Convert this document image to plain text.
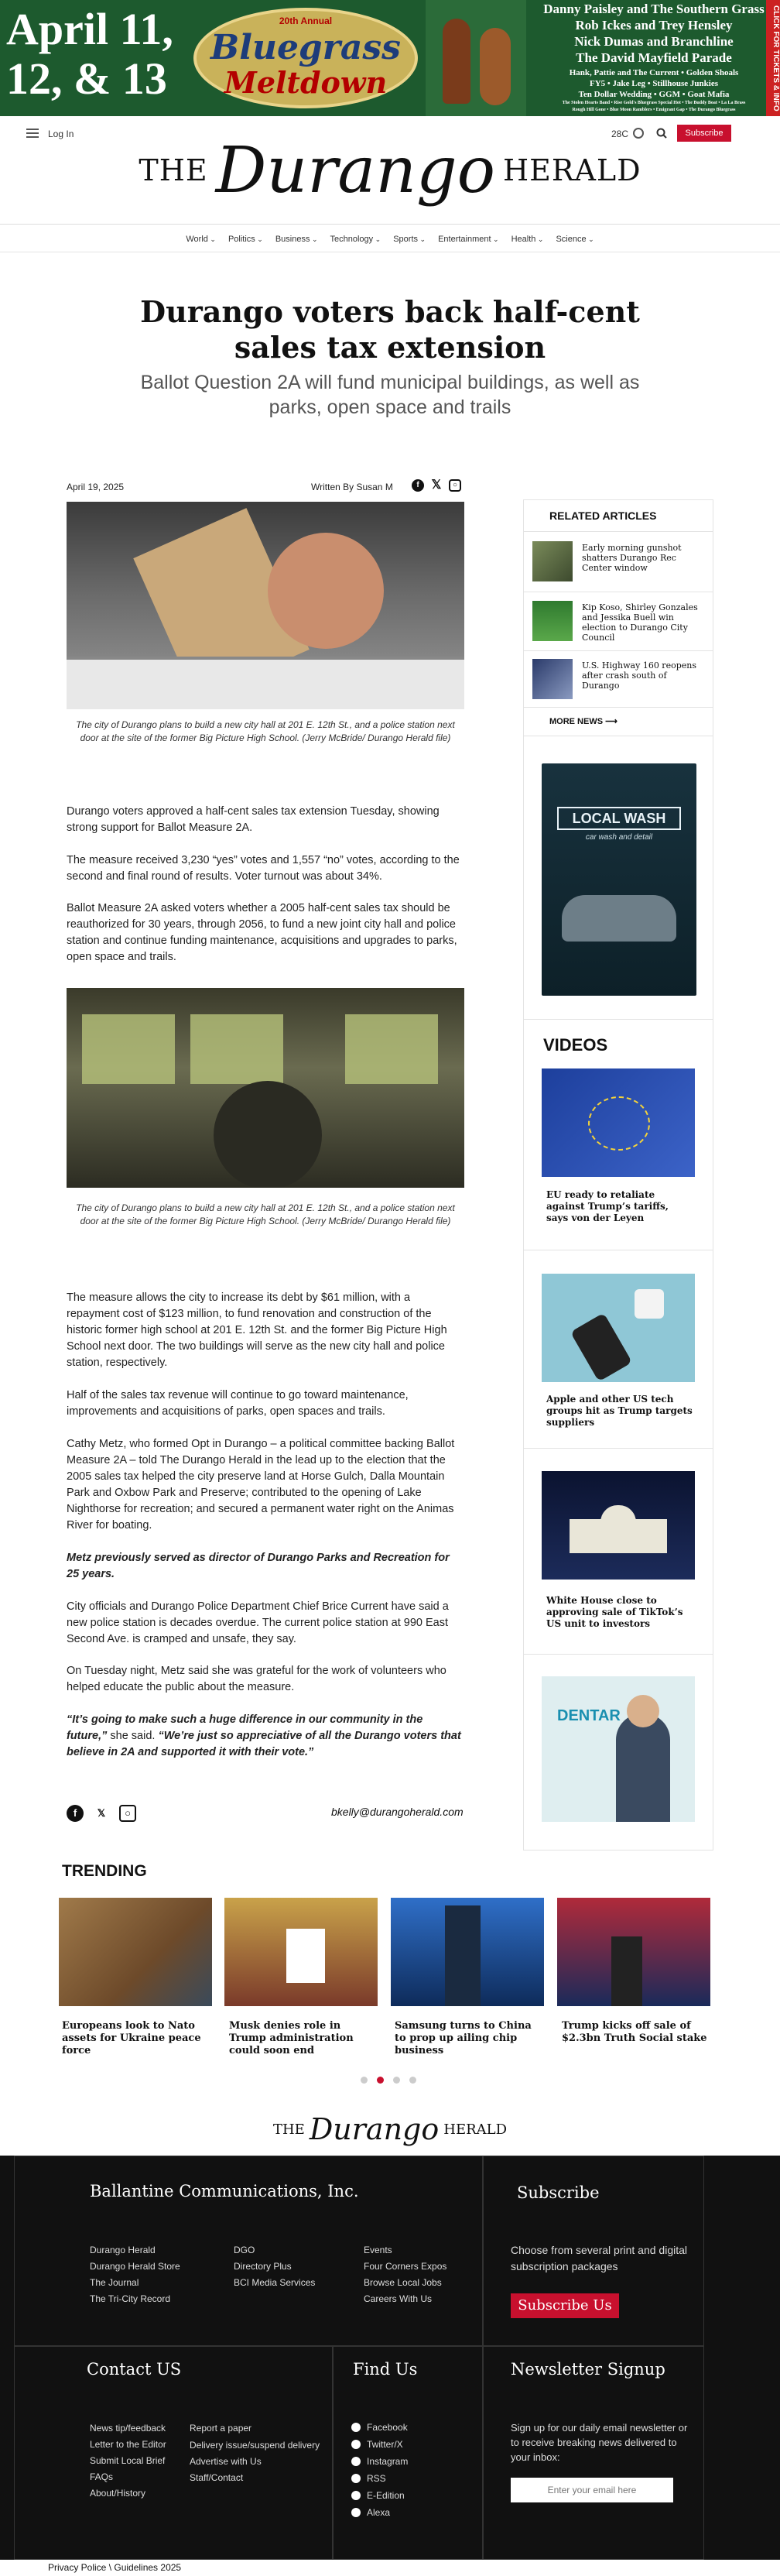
April 11,
12, & 13
20th Annual
Bluegrass
Meltdown
Danny Paisley and The Southern Grass
Rob Ickes and Trey Hensley
Nick Dumas and Branchline
The David Mayfield Parade
Hank, Pattie and The Current • Golden Shoals
FY5 • Jake Leg • Stillhouse Junkies
Ten Dollar Wedding • GGM • Goat Mafia
The Stolen Hearts Band • Rise Gold's Bluegrass Special Hot • The Buddy Boat • La La Brass
Rough Hill Gone • Blue Moon Ramblers • Emigrant Gap • The Durango Bluegrass	CLICK FOR TICKETS & INFO
Log In	28C	Subscribe
THE Durango HERALD
World ⌄	Politics ⌄	Business ⌄	Technology ⌄	Sports ⌄	Entertainment ⌄	Health ⌄	Science ⌄
Durango voters back half-cent sales tax extension
Ballot Question 2A will fund municipal buildings, as well as parks, open space and trails
April 19, 2025	Written By Susan M	f 𝕏	○
The city of Durango plans to build a new city hall at 201 E. 12th St., and a police station next door at the site of the former Big Picture High School. (Jerry McBride/ Durango Herald file)
Durango voters approved a half-cent sales tax extension Tuesday, showing strong support for Ballot Measure 2A.
The measure received 3,230 “yes” votes and 1,557 “no” votes, according to the second and final round of results. Voter turnout was about 34%.
Ballot Measure 2A asked voters whether a 2005 half-cent sales tax should be reauthorized for 30 years, through 2056, to fund a new joint city hall and police station and continue funding maintenance, acquisitions and upgrades to parks, open space and trails.
The city of Durango plans to build a new city hall at 201 E. 12th St., and a police station next door at the site of the former Big Picture High School. (Jerry McBride/ Durango Herald file)
The measure allows the city to increase its debt by $61 million, with a repayment cost of $123 million, to fund renovation and construction of the historic former high school at 201 E. 12th St. and the former Big Picture High School next door. The two buildings will serve as the new city hall and police station, respectively.
Half of the sales tax revenue will continue to go toward maintenance, improvements and acquisitions of parks, open spaces and trails.
Cathy Metz, who formed Opt in Durango – a political committee backing Ballot Measure 2A – told The Durango Herald in the lead up to the election that the 2005 sales tax helped the city preserve land at Horse Gulch, Dalla Mountain Park and Oxbow Park and Preserve; contributed to the opening of Lake Nighthorse for recreation; and secured a permanent water right on the Animas River for boating.
Metz previously served as director of Durango Parks and Recreation for 25 years.
City officials and Durango Police Department Chief Brice Current have said a new police station is decades overdue. The current police station at 990 East Second Ave. is cramped and unsafe, they say.
On Tuesday night, Metz said she was grateful for the work of volunteers who helped educate the public about the measure.
“It’s going to make such a huge difference in our community in the future,” she said. “We’re just so appreciative of all the Durango voters that believe in 2A and supported it with their vote.”
f	𝕏	○	bkelly@durangoherald.com
RELATED ARTICLES
Early morning gunshot shatters Durango Rec Center window
Kip Koso, Shirley Gonzales and Jessika Buell win election to Durango City Council
U.S. Highway 160 reopens after crash south of Durango
MORE NEWS ⟶
LOCAL WASH
car wash and detail
VIDEOS
EU ready to retaliate against Trump’s tariffs, says von der Leyen
Apple and other US tech groups hit as Trump targets suppliers
White House close to approving sale of TikTok’s US unit to investors
DENTAR
TRENDING
Europeans look to Nato assets for Ukraine peace force
Musk denies role in Trump administration could soon end
Samsung turns to China to prop up ailing chip business
Trump kicks off sale of $2.3bn Truth Social stake
THE Durango HERALD
Ballantine Communications, Inc.
Durango Herald
Durango Herald Store
The Journal
The Tri-City Record
DGO
Directory Plus
BCI Media Services
Events
Four Corners Expos
Browse Local Jobs
Careers With Us
Subscribe
Choose from several print and digital subscription packages
Subscribe Us
Contact US
News tip/feedback
Letter to the Editor
Submit Local Brief
FAQs
About/History
Report a paper
Delivery issue/suspend delivery
Advertise with Us
Staff/Contact
Find Us
Facebook
Twitter/X
Instagram
RSS
E-Edition
Alexa
Newsletter Signup
Sign up for our daily email newsletter or to receive breaking news delivered to your inbox:
Enter your email here
Privacy Police \ Guidelines 2025
